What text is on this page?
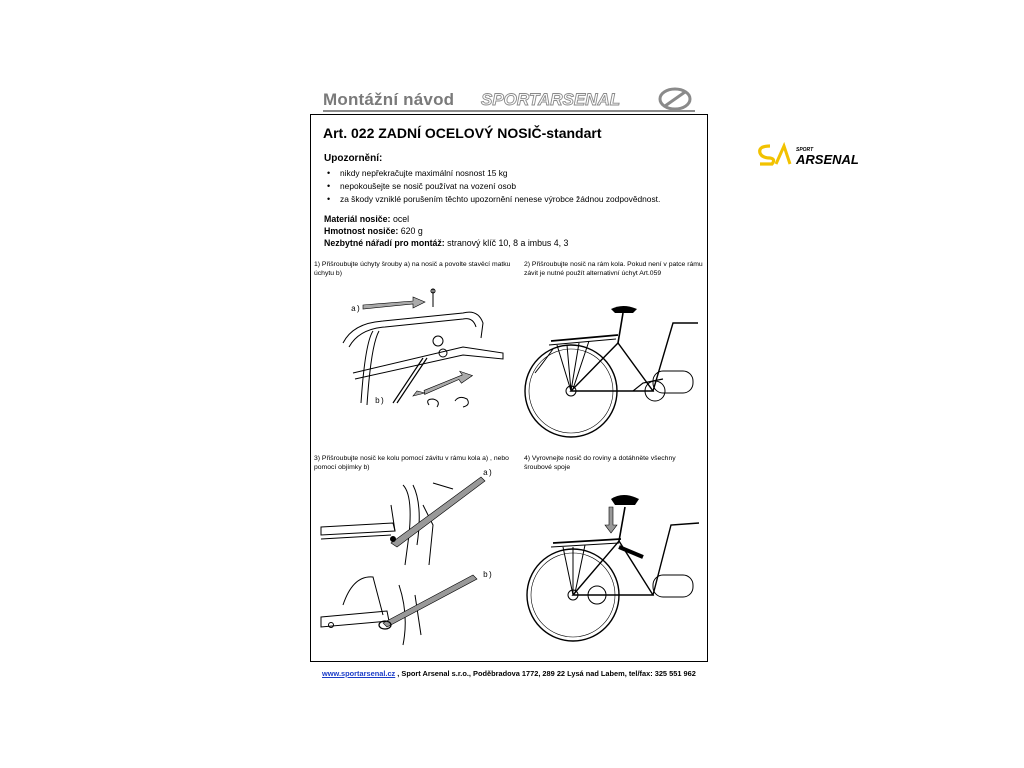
Montážní návod SPORTARSENAL
SPORT
ARSENAL
Art. 022 ZADNÍ OCELOVÝ NOSIČ-standart
Upozornění:
• nikdy nepřekračujte maximální nosnost 15 kg
• nepokoušejte se nosič používat na vození osob
• za škody vzniklé porušením těchto upozornění nenese výrobce žádnou zodpovědnost.
Materiál nosiče: ocel
Hmotnost nosiče: 620 g
Nezbytné nářadí pro montáž: stranový klíč 10, 8 a imbus 4, 3
1) Přišroubujte úchyty šrouby a) na nosič a povolte stavěcí matku úchytu b)
2) Přišroubujte nosič na rám kola. Pokud není v patce rámu závit je nutné použít alternativní úchyt Art.059
3) Přišroubujte nosič ke kolu pomocí závitu v rámu kola a) , nebo pomocí objímky b)
4) Vyrovnejte nosič do roviny a dotáhněte všechny šroubové spoje
a)
b)
a)
b)
www.sportarsenal.cz , Sport Arsenal s.r.o., Poděbradova 1772, 289 22 Lysá nad Labem, tel/fax: 325 551 962
